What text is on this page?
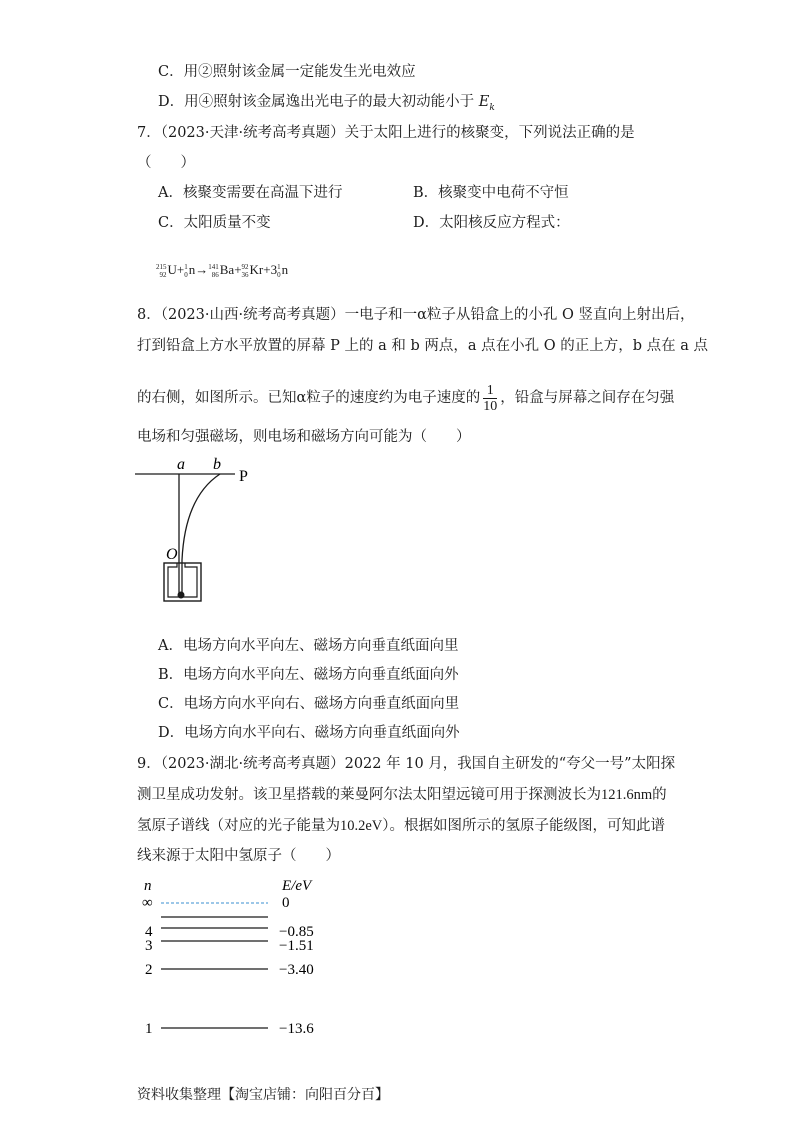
C．用②照射该金属一定能发生光电效应
D．用④照射该金属逸出光电子的最大初动能小于 $E_k$
7．（2023·天津·统考高考真题）关于太阳上进行的核聚变，下列说法正确的是
（　　）
A．核聚变需要在高温下进行	B．核聚变中电荷不守恒
C．太阳质量不变	D．太阳核反应方程式：
215
92U+1
0n→141
86Ba+92
36Kr+31
0n
8．（2023·山西·统考高考真题）一电子和一α粒子从铅盒上的小孔 O 竖直向上射出后，
打到铅盒上方水平放置的屏幕 P 上的 a 和 b 两点，a 点在小孔 O 的正上方，b 点在 a 点
的右侧，如图所示。已知α粒子的速度约为电子速度的 $\frac{1}{10}$ ，铅盒与屏幕之间存在匀强
电场和匀强磁场，则电场和磁场方向可能为（　　）
a b
P
O
A．电场方向水平向左、磁场方向垂直纸面向里
B．电场方向水平向左、磁场方向垂直纸面向外
C．电场方向水平向右、磁场方向垂直纸面向里
D．电场方向水平向右、磁场方向垂直纸面向外
9．（2023·湖北·统考高考真题）2022 年 10 月，我国自主研发的“夸父一号”太阳探
测卫星成功发射。该卫星搭载的莱曼阿尔法太阳望远镜可用于探测波长为121.6nm的
氢原子谱线（对应的光子能量为10.2eV）。根据如图所示的氢原子能级图，可知此谱
线来源于太阳中氢原子（　　）
n	E/eV
∞	0
4	−0.85
3	−1.51
2	−3.40
1	−13.6
资料收集整理【淘宝店铺：向阳百分百】
